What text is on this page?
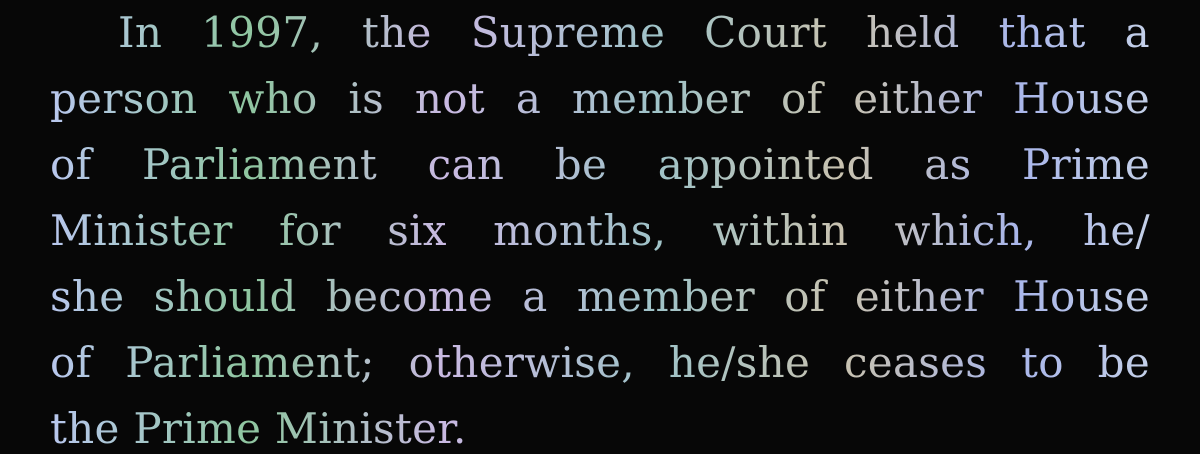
In 1997, the Supreme Court held that a
person who is not a member of either House
of Parliament can be appointed as Prime
Minister for six months, within which, he/
she should become a member of either House
of Parliament; otherwise, he/she ceases to be
the Prime Minister.
